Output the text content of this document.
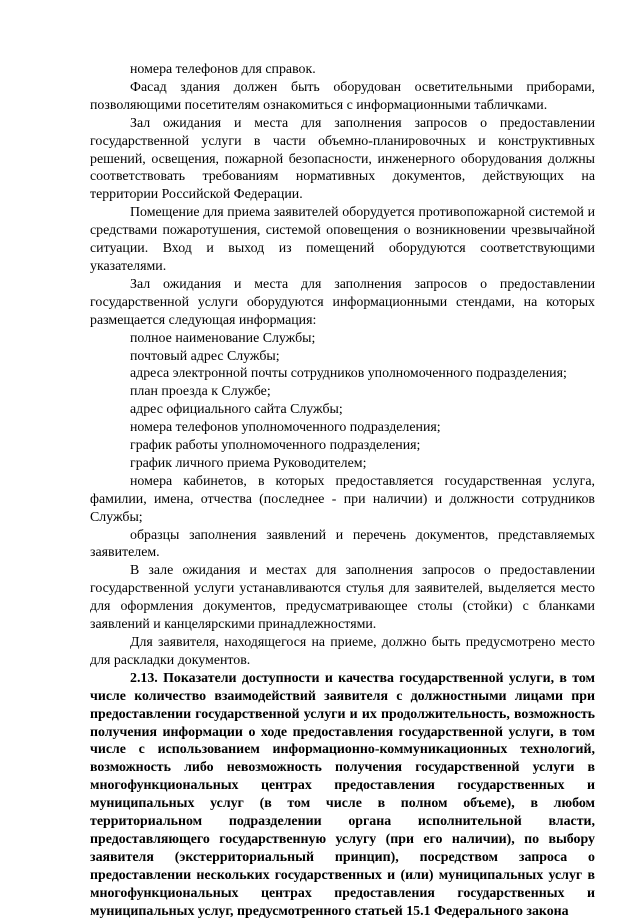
номера телефонов для справок.
Фасад здания должен быть оборудован осветительными приборами, позволяющими посетителям ознакомиться с информационными табличками.
Зал ожидания и места для заполнения запросов о предоставлении государственной услуги в части объемно-планировочных и конструктивных решений, освещения, пожарной безопасности, инженерного оборудования должны соответствовать требованиям нормативных документов, действующих на территории Российской Федерации.
Помещение для приема заявителей оборудуется противопожарной системой и средствами пожаротушения, системой оповещения о возникновении чрезвычайной ситуации. Вход и выход из помещений оборудуются соответствующими указателями.
Зал ожидания и места для заполнения запросов о предоставлении государственной услуги оборудуются информационными стендами, на которых размещается следующая информация:
полное наименование Службы;
почтовый адрес Службы;
адреса электронной почты сотрудников уполномоченного подразделения;
план проезда к Службе;
адрес официального сайта Службы;
номера телефонов уполномоченного подразделения;
график работы уполномоченного подразделения;
график личного приема Руководителем;
номера кабинетов, в которых предоставляется государственная услуга, фамилии, имена, отчества (последнее - при наличии) и должности сотрудников Службы;
образцы заполнения заявлений и перечень документов, представляемых заявителем.
В зале ожидания и местах для заполнения запросов о предоставлении государственной услуги устанавливаются стулья для заявителей, выделяется место для оформления документов, предусматривающее столы (стойки) с бланками заявлений и канцелярскими принадлежностями.
Для заявителя, находящегося на приеме, должно быть предусмотрено место для раскладки документов.
2.13. Показатели доступности и качества государственной услуги, в том числе количество взаимодействий заявителя с должностными лицами при предоставлении государственной услуги и их продолжительность, возможность получения информации о ходе предоставления государственной услуги, в том числе с использованием информационно-коммуникационных технологий, возможность либо невозможность получения государственной услуги в многофункциональных центрах предоставления государственных и муниципальных услуг (в том числе в полном объеме), в любом территориальном подразделении органа исполнительной власти, предоставляющего государственную услугу (при его наличии), по выбору заявителя (экстерриториальный принцип), посредством запроса о предоставлении нескольких государственных и (или) муниципальных услуг в многофункциональных центрах предоставления государственных и муниципальных услуг, предусмотренного статьей 15.1 Федерального закона
